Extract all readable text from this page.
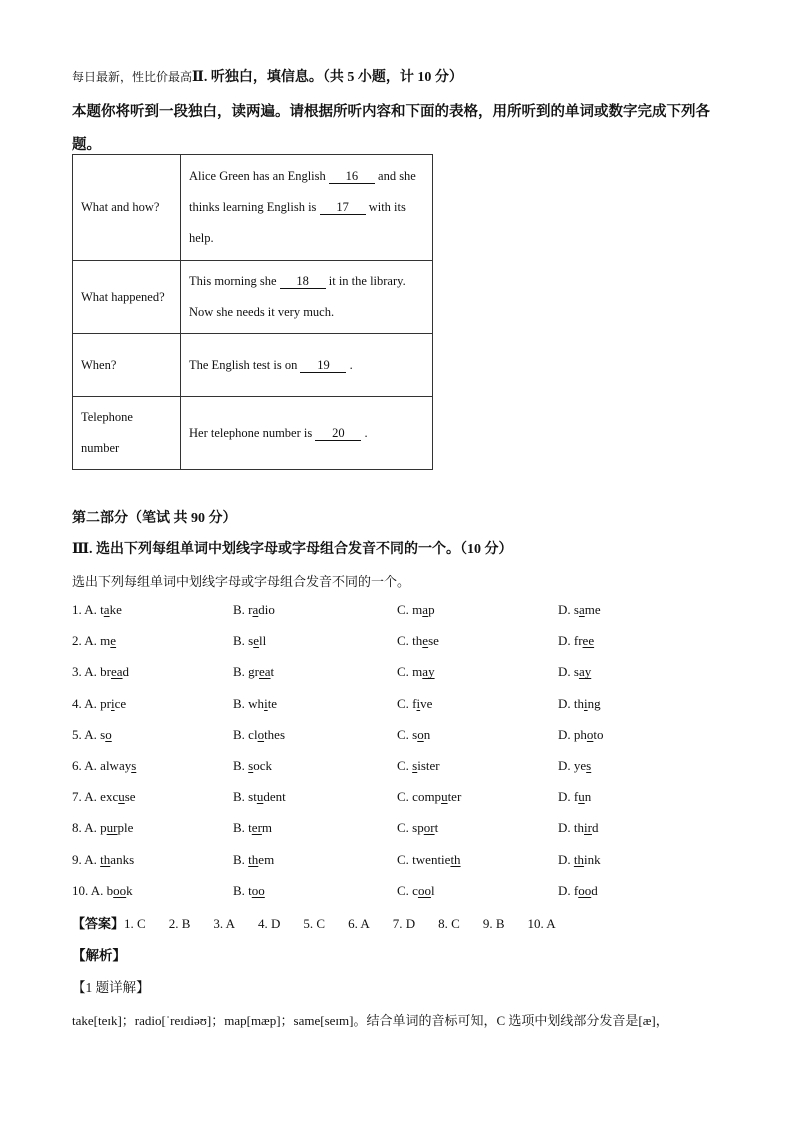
每日最新，性比价最高Ⅱ. 听独白，填信息。（共 5 小题，计 10 分）
本题你将听到一段独白，读两遍。请根据所听内容和下面的表格，用所听到的单词或数字完成下列各题。
What and how?	Alice Green has an English 16 and she thinks learning English is 17 with its help.
What happened?	This morning she 18 it in the library. Now she needs it very much.
When?	The English test is on 19 .
Telephone number	Her telephone number is 20 .
第二部分（笔试 共 90 分）
Ⅲ. 选出下列每组单词中划线字母或字母组合发音不同的一个。（10 分）
选出下列每组单词中划线字母或字母组合发音不同的一个。
1. A. take	B. radio	C. map	D. same
2. A. me	B. sell	C. these	D. free
3. A. bread	B. great	C. may	D. say
4. A. price	B. white	C. five	D. thing
5. A. so	B. clothes	C. son	D. photo
6. A. always	B. sock	C. sister	D. yes
7. A. excuse	B. student	C. computer	D. fun
8. A. purple	B. term	C. sport	D. third
9. A. thanks	B. them	C. twentieth	D. think
10. A. book	B. too	C. cool	D. food
【答案】1. C 2. B 3. A 4. D 5. C 6. A 7. D 8. C 9. B 10. A
【解析】
【1 题详解】
take[teɪk]；radio[ˈreɪdiəʊ]；map[mæp]；same[seɪm]。结合单词的音标可知，C 选项中划线部分发音是[æ]，
